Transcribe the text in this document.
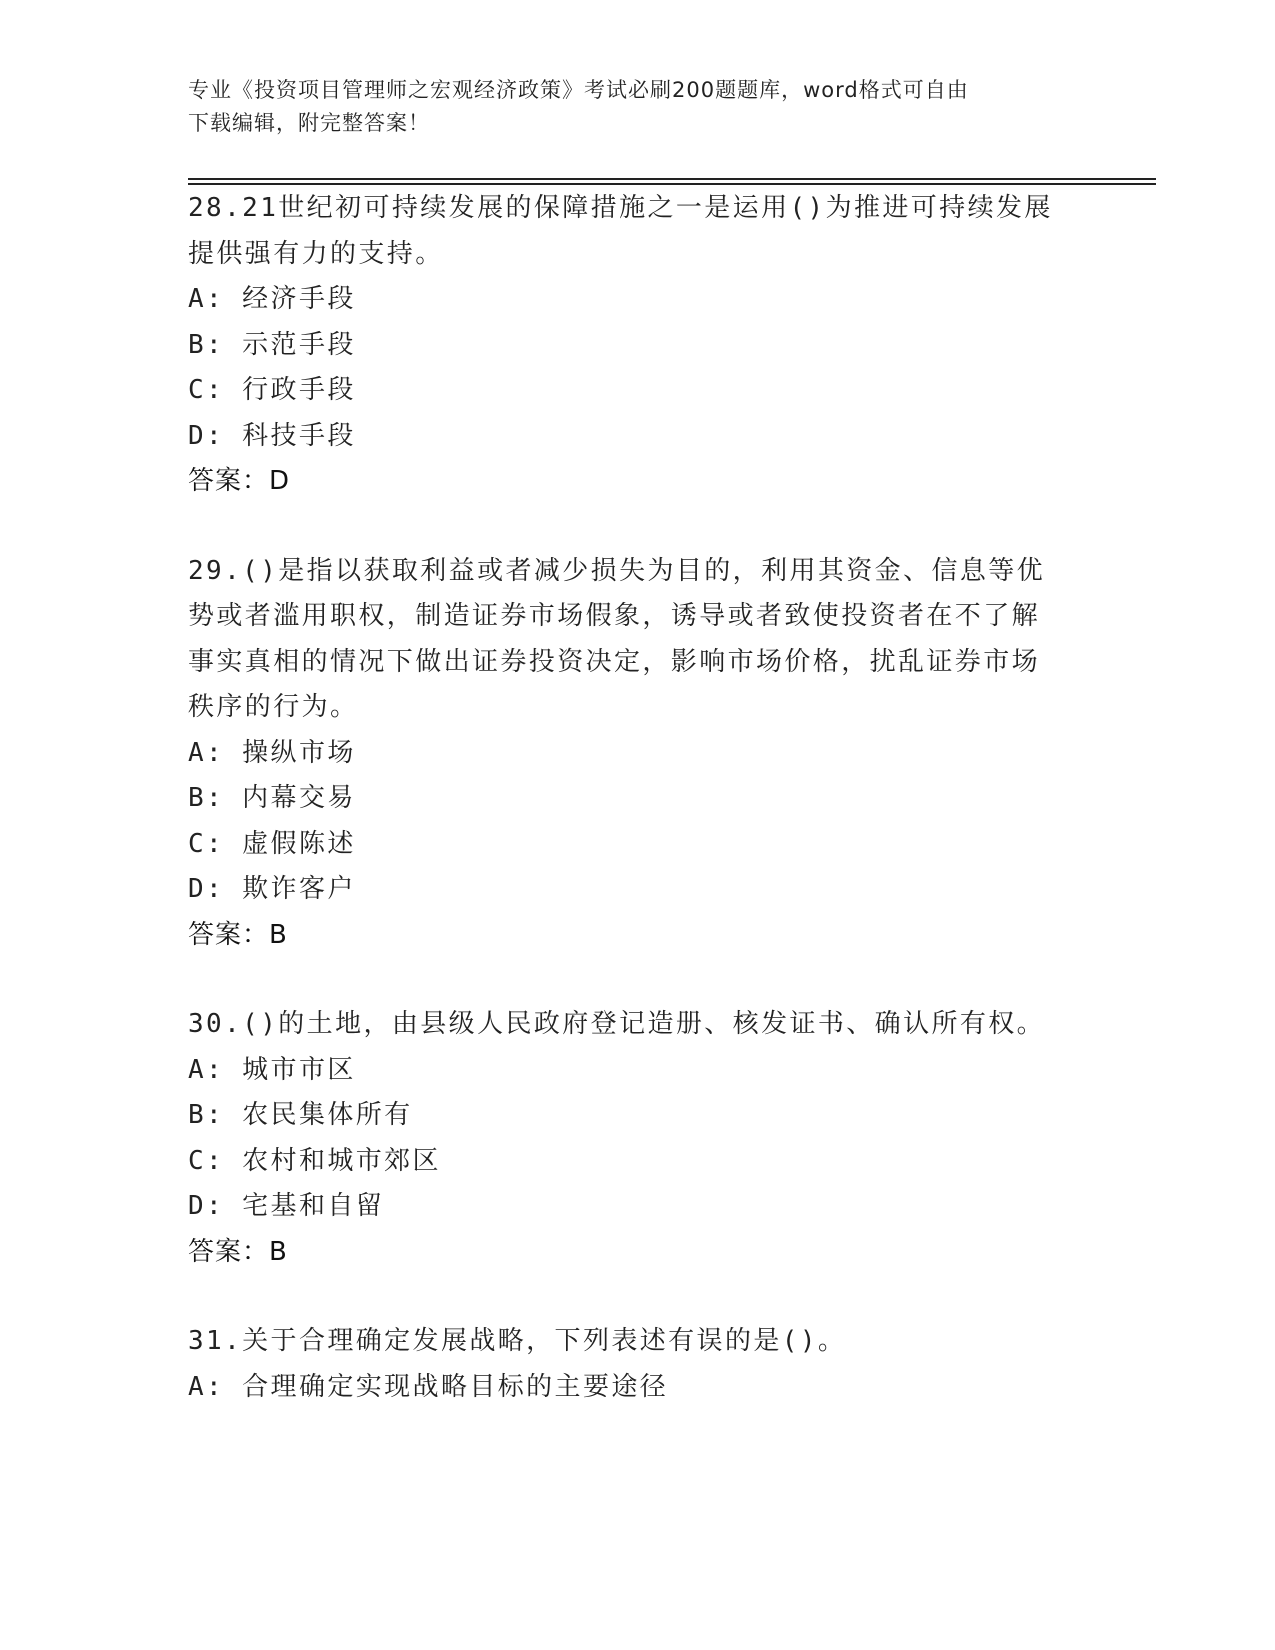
专业《投资项目管理师之宏观经济政策》考试必刷200题题库，word格式可自由
下载编辑，附完整答案！
28.21世纪初可持续发展的保障措施之一是运用()为推进可持续发展提供强有力的支持。
A: 经济手段
B: 示范手段
C: 行政手段
D: 科技手段
答案：D
29.()是指以获取利益或者减少损失为目的，利用其资金、信息等优势或者滥用职权，制造证券市场假象，诱导或者致使投资者在不了解事实真相的情况下做出证券投资决定，影响市场价格，扰乱证券市场秩序的行为。
A: 操纵市场
B: 内幕交易
C: 虚假陈述
D: 欺诈客户
答案：B
30.()的土地，由县级人民政府登记造册、核发证书、确认所有权。
A: 城市市区
B: 农民集体所有
C: 农村和城市郊区
D: 宅基和自留
答案：B
31.关于合理确定发展战略，下列表述有误的是()。
A: 合理确定实现战略目标的主要途径
